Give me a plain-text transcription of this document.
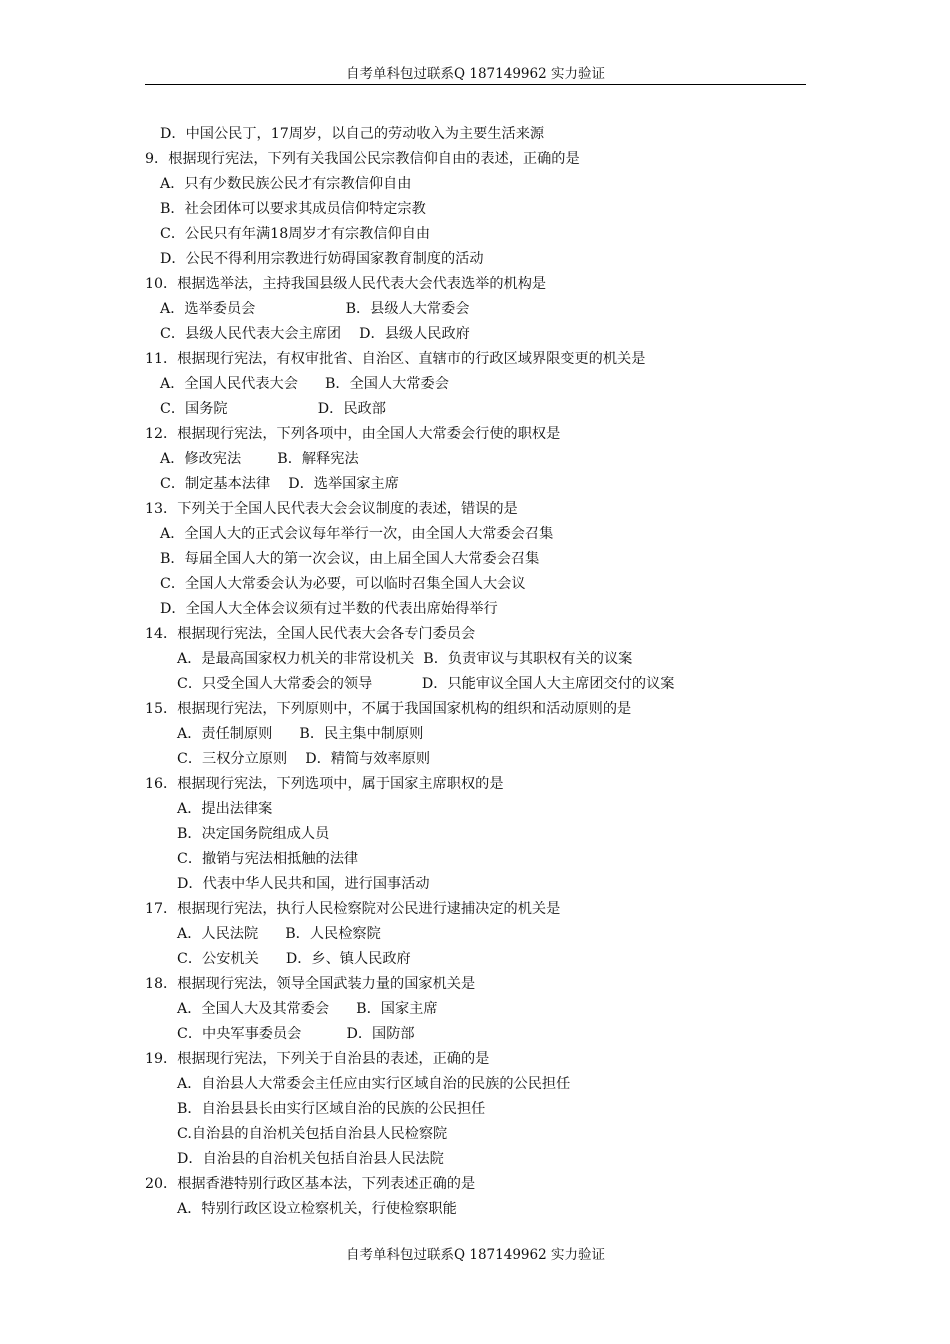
自考单科包过联系Q 187149962 实力验证
D．中国公民丁，17周岁，以自己的劳动收入为主要生活来源
9．根据现行宪法，下列有关我国公民宗教信仰自由的表述，正确的是
A．只有少数民族公民才有宗教信仰自由
B．社会团体可以要求其成员信仰特定宗教
C．公民只有年满18周岁才有宗教信仰自由
D．公民不得利用宗教进行妨碍国家教育制度的活动
10．根据选举法，主持我国县级人民代表大会代表选举的机构是
A．选举委员会                    B．县级人大常委会
C．县级人民代表大会主席团    D．县级人民政府
11．根据现行宪法，有权审批省、自治区、直辖市的行政区域界限变更的机关是
A．全国人民代表大会      B．全国人大常委会
C．国务院                    D．民政部
12．根据现行宪法，下列各项中，由全国人大常委会行使的职权是
A．修改宪法        B．解释宪法
C．制定基本法律    D．选举国家主席
13．下列关于全国人民代表大会会议制度的表述，错误的是
A．全国人大的正式会议每年举行一次，由全国人大常委会召集
B．每届全国人大的第一次会议，由上届全国人大常委会召集
C．全国人大常委会认为必要，可以临时召集全国人大会议
D．全国人大全体会议须有过半数的代表出席始得举行
14．根据现行宪法，全国人民代表大会各专门委员会
A．是最高国家权力机关的非常设机关  B．负责审议与其职权有关的议案
C．只受全国人大常委会的领导           D．只能审议全国人大主席团交付的议案
15．根据现行宪法，下列原则中，不属于我国国家机构的组织和活动原则的是
A．责任制原则      B．民主集中制原则
C．三权分立原则    D．精简与效率原则
16．根据现行宪法，下列选项中，属于国家主席职权的是
A．提出法律案
B．决定国务院组成人员
C．撤销与宪法相抵触的法律
D．代表中华人民共和国，进行国事活动
17．根据现行宪法，执行人民检察院对公民进行逮捕决定的机关是
A．人民法院      B．人民检察院
C．公安机关      D．乡、镇人民政府
18．根据现行宪法，领导全国武装力量的国家机关是
A．全国人大及其常委会      B．国家主席
C．中央军事委员会          D．国防部
19．根据现行宪法，下列关于自治县的表述，正确的是
A．自治县人大常委会主任应由实行区域自治的民族的公民担任
B．自治县县长由实行区域自治的民族的公民担任
C.自治县的自治机关包括自治县人民检察院
D．自治县的自治机关包括自治县人民法院
20．根据香港特别行政区基本法，下列表述正确的是
A．特别行政区设立检察机关，行使检察职能
自考单科包过联系Q 187149962 实力验证
